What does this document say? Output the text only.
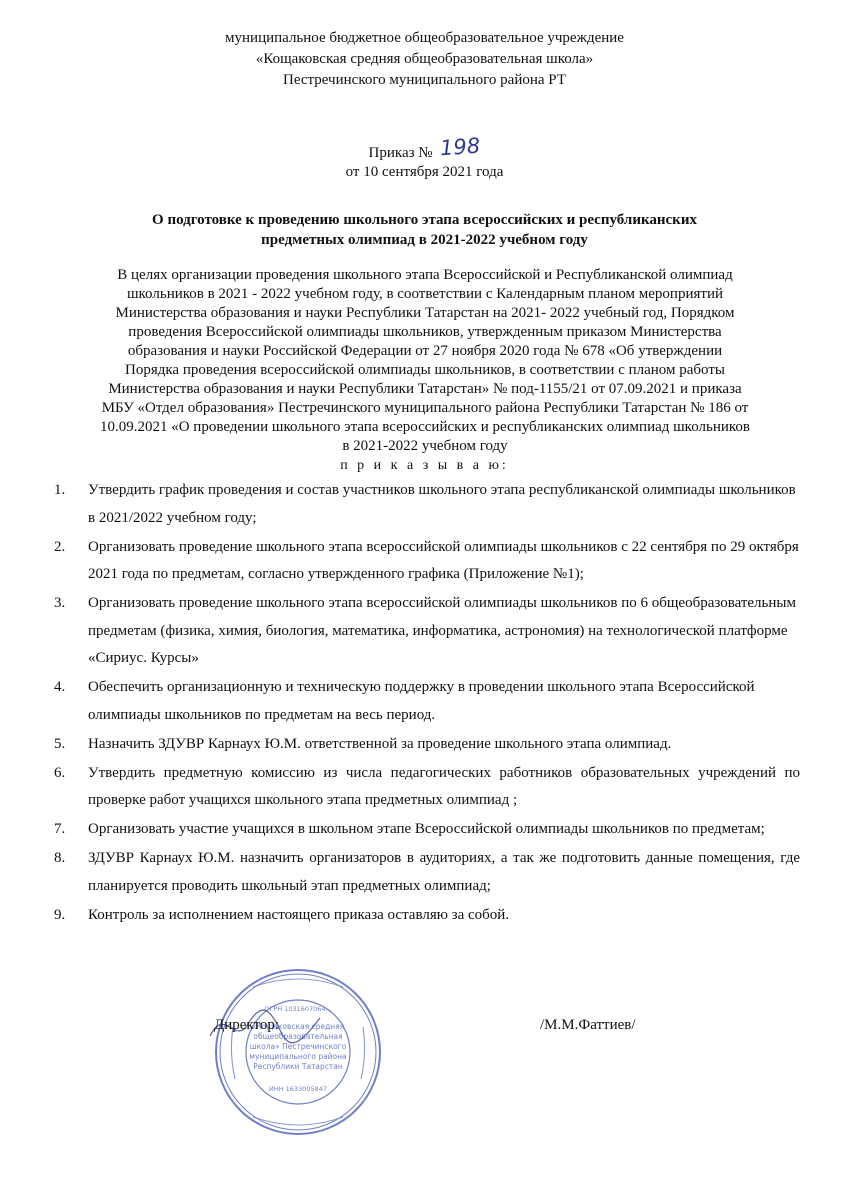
муниципальное бюджетное общеобразовательное учреждение
«Кощаковская средняя общеобразовательная школа»
Пестречинского муниципального района РТ
Приказ № 198
от 10 сентября 2021 года
О подготовке к проведению школьного этапа всероссийских и республиканских
предметных олимпиад в 2021-2022 учебном году
В целях организации проведения школьного этапа Всероссийской и Республиканской олимпиад
школьников в 2021 - 2022 учебном году, в соответствии с Календарным планом мероприятий
Министерства образования и науки Республики Татарстан на 2021- 2022 учебный год, Порядком
проведения Всероссийской олимпиады школьников, утвержденным приказом Министерства
образования и науки Российской Федерации от 27 ноября 2020 года № 678 «Об утверждении
Порядка проведения всероссийской олимпиады школьников, в соответствии с планом работы
Министерства образования и науки Республики Татарстан» № под-1155/21 от 07.09.2021 и приказа
МБУ «Отдел образования» Пестречинского муниципального района Республики Татарстан № 186 от
10.09.2021 «О проведении школьного этапа всероссийских и республиканских олимпиад школьников
в 2021-2022 учебном году
п р и к а з ы в а ю:
1. Утвердить график проведения и состав участников школьного этапа республиканской олимпиады школьников в 2021/2022 учебном году;
2. Организовать проведение школьного этапа всероссийской олимпиады школьников с 22 сентября по 29 октября 2021 года по предметам, согласно утвержденного графика (Приложение №1);
3. Организовать проведение школьного этапа всероссийской олимпиады школьников по 6 общеобразовательным предметам (физика, химия, биология, математика, информатика, астрономия) на технологической платформе «Сириус. Курсы»
4. Обеспечить организационную и техническую поддержку в проведении школьного этапа Всероссийской олимпиады школьников по предметам на весь период.
5. Назначить ЗДУВР Карнаух Ю.М. ответственной за проведение школьного этапа олимпиад.
6. Утвердить предметную комиссию из числа педагогических работников образовательных учреждений по проверке работ учащихся школьного этапа предметных олимпиад ;
7. Организовать участие учащихся в школьном этапе Всероссийской олимпиады школьников по предметам;
8. ЗДУВР Карнаух Ю.М. назначить организаторов в аудиториях, а так же подготовить данные помещения, где планируется проводить школьный этап предметных олимпиад;
9. Контроль за исполнением настоящего приказа оставляю за собой.
«Кощаковская средняя
общеобразовательная
школа» Пестречинского
муниципального района
Республики Татарстан
ОГРН 1031607064...
ИНН 1633005847
Директор:	/М.М.Фаттиев/
